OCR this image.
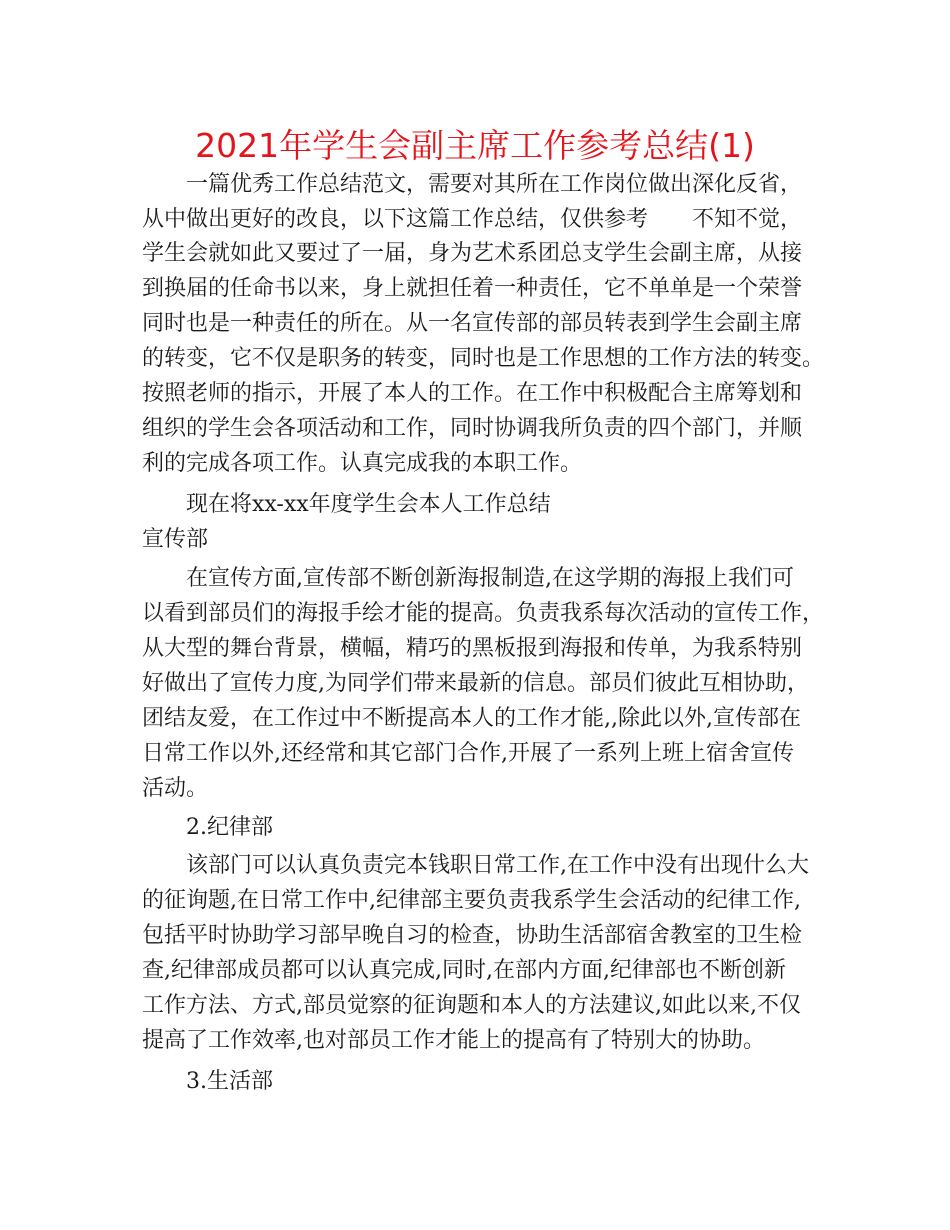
2021年学生会副主席工作参考总结(1)
一篇优秀工作总结范文，需要对其所在工作岗位做出深化反省，
从中做出更好的改良，以下这篇工作总结，仅供参考　　不知不觉，
学生会就如此又要过了一届，身为艺术系团总支学生会副主席，从接
到换届的任命书以来，身上就担任着一种责任，它不单单是一个荣誉
同时也是一种责任的所在。从一名宣传部的部员转表到学生会副主席
的转变，它不仅是职务的转变，同时也是工作思想的工作方法的转变。
按照老师的指示，开展了本人的工作。在工作中积极配合主席筹划和
组织的学生会各项活动和工作，同时协调我所负责的四个部门，并顺
利的完成各项工作。认真完成我的本职工作。
现在将xx-xx年度学生会本人工作总结
宣传部
在宣传方面,宣传部不断创新海报制造,在这学期的海报上我们可
以看到部员们的海报手绘才能的提高。负责我系每次活动的宣传工作，
从大型的舞台背景，横幅，精巧的黑板报到海报和传单，为我系特别
好做出了宣传力度,为同学们带来最新的信息。部员们彼此互相协助，
团结友爱，在工作过中不断提高本人的工作才能,,除此以外,宣传部在
日常工作以外,还经常和其它部门合作,开展了一系列上班上宿舍宣传
活动。
2.纪律部
该部门可以认真负责完本钱职日常工作,在工作中没有出现什么大
的征询题,在日常工作中,纪律部主要负责我系学生会活动的纪律工作,
包括平时协助学习部早晚自习的检查，协助生活部宿舍教室的卫生检
查,纪律部成员都可以认真完成,同时,在部内方面,纪律部也不断创新
工作方法、方式,部员觉察的征询题和本人的方法建议,如此以来,不仅
提高了工作效率,也对部员工作才能上的提高有了特别大的协助。
3.生活部
